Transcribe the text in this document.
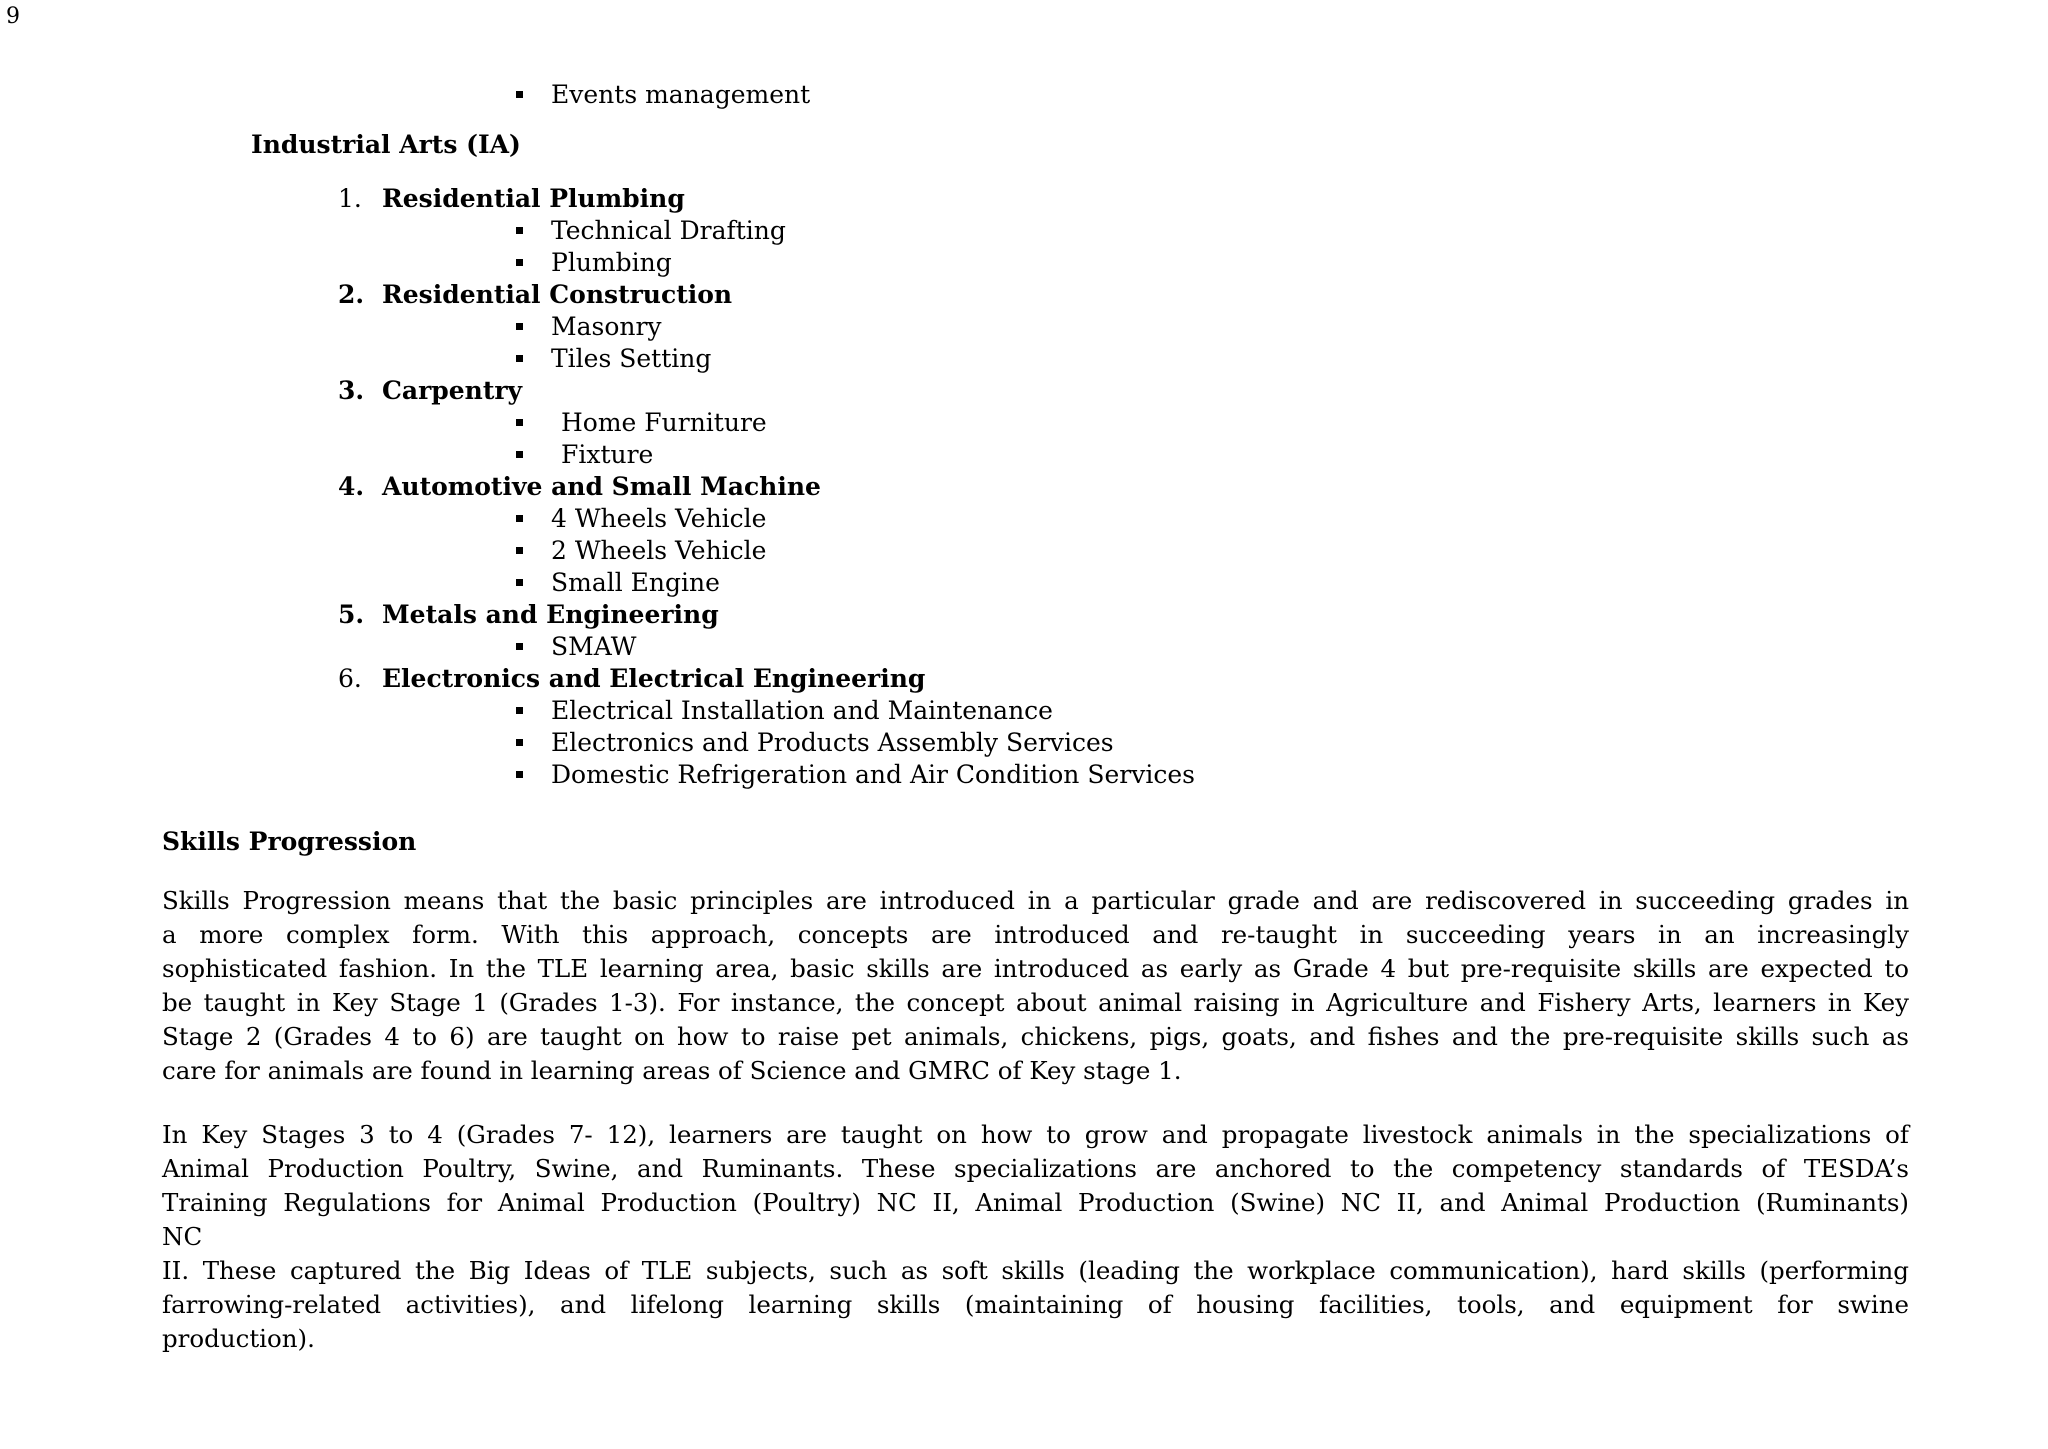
9
Events management
Industrial Arts (IA)
1. Residential Plumbing
Technical Drafting
Plumbing
2. Residential Construction
Masonry
Tiles Setting
3. Carpentry
Home Furniture
Fixture
4. Automotive and Small Machine
4 Wheels Vehicle
2 Wheels Vehicle
Small Engine
5. Metals and Engineering
SMAW
6. Electronics and Electrical Engineering
Electrical Installation and Maintenance
Electronics and Products Assembly Services
Domestic Refrigeration and Air Condition Services
Skills Progression
Skills Progression means that the basic principles are introduced in a particular grade and are rediscovered in succeeding grades in
a more complex form. With this approach, concepts are introduced and re-taught in succeeding years in an increasingly
sophisticated fashion. In the TLE learning area, basic skills are introduced as early as Grade 4 but pre-requisite skills are expected to
be taught in Key Stage 1 (Grades 1-3). For instance, the concept about animal raising in Agriculture and Fishery Arts, learners in Key
Stage 2 (Grades 4 to 6) are taught on how to raise pet animals, chickens, pigs, goats, and fishes and the pre-requisite skills such as
care for animals are found in learning areas of Science and GMRC of Key stage 1.
In Key Stages 3 to 4 (Grades 7- 12), learners are taught on how to grow and propagate livestock animals in the specializations of
Animal Production Poultry, Swine, and Ruminants. These specializations are anchored to the competency standards of TESDA’s
Training Regulations for Animal Production (Poultry) NC II, Animal Production (Swine) NC II, and Animal Production (Ruminants)
NC
II. These captured the Big Ideas of TLE subjects, such as soft skills (leading the workplace communication), hard skills (performing
farrowing-related activities), and lifelong learning skills (maintaining of housing facilities, tools, and equipment for swine
production).
